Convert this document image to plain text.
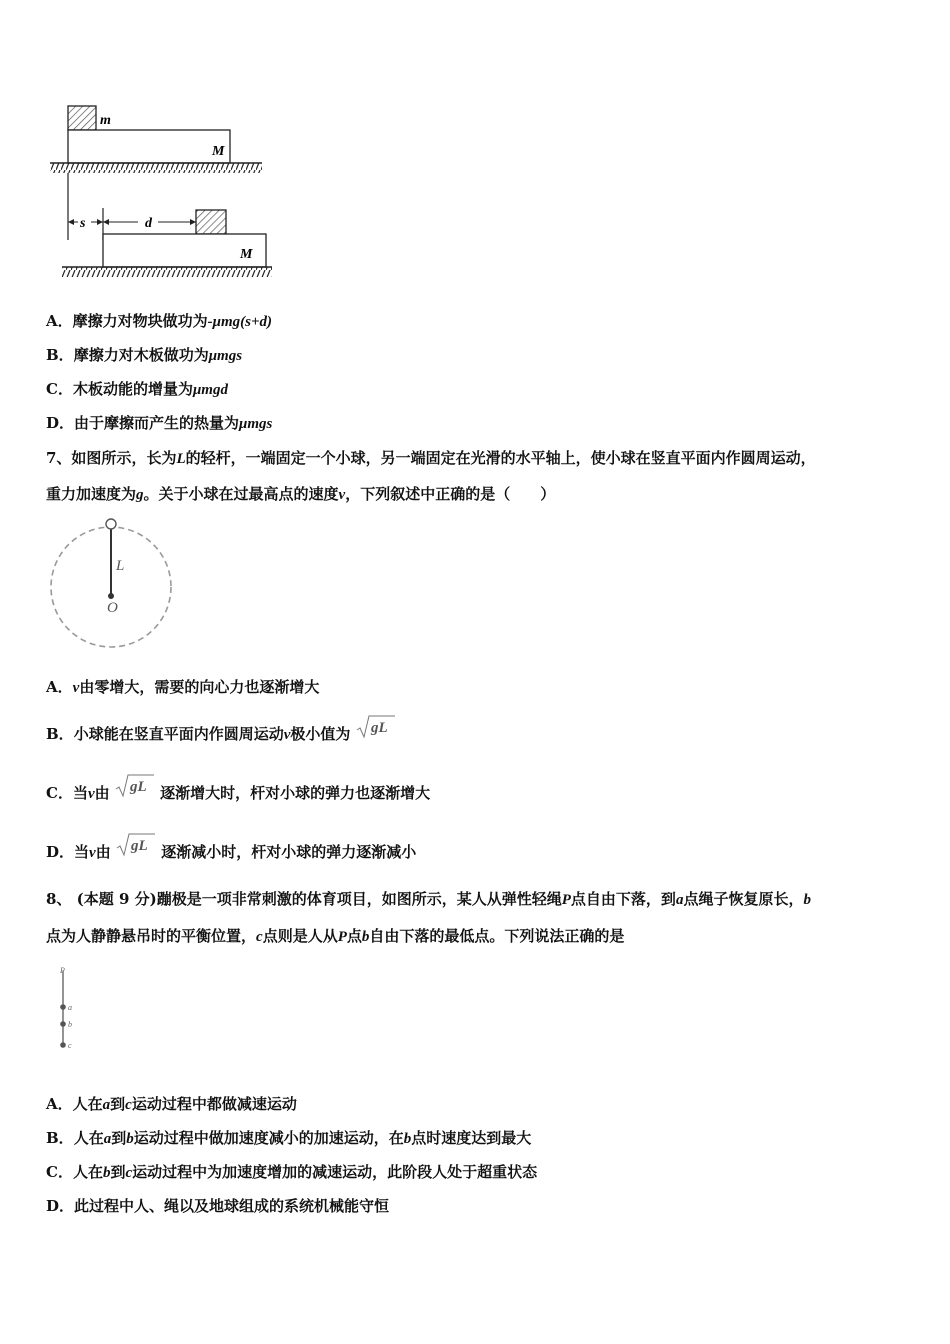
m
M
s	d
M
A．摩擦力对物块做功为-μmg(s+d)
B．摩擦力对木板做功为μmgs
C．木板动能的增量为μmgd
D．由于摩擦而产生的热量为μmgs
7、如图所示，长为L的轻杆，一端固定一个小球，另一端固定在光滑的水平轴上，使小球在竖直平面内作圆周运动，
重力加速度为g。关于小球在过最高点的速度v，下列叙述中正确的是（　　）
L
O
A．v由零增大，需要的向心力也逐渐增大
B．小球能在竖直平面内作圆周运动v极小值为 gL
C．当v由 gL 逐渐增大时，杆对小球的弹力也逐渐增大
D．当v由 gL 逐渐减小时，杆对小球的弹力逐渐减小
8、 (本题 9 分)蹦极是一项非常刺激的体育项目，如图所示，某人从弹性轻绳P点自由下落，到a点绳子恢复原长，b
点为人静静悬吊时的平衡位置，c点则是人从P点b自由下落的最低点。下列说法正确的是
P
a
b
c
A．人在a到c运动过程中都做减速运动
B．人在a到b运动过程中做加速度减小的加速运动，在b点时速度达到最大
C．人在b到c运动过程中为加速度增加的减速运动，此阶段人处于超重状态
D．此过程中人、绳以及地球组成的系统机械能守恒
